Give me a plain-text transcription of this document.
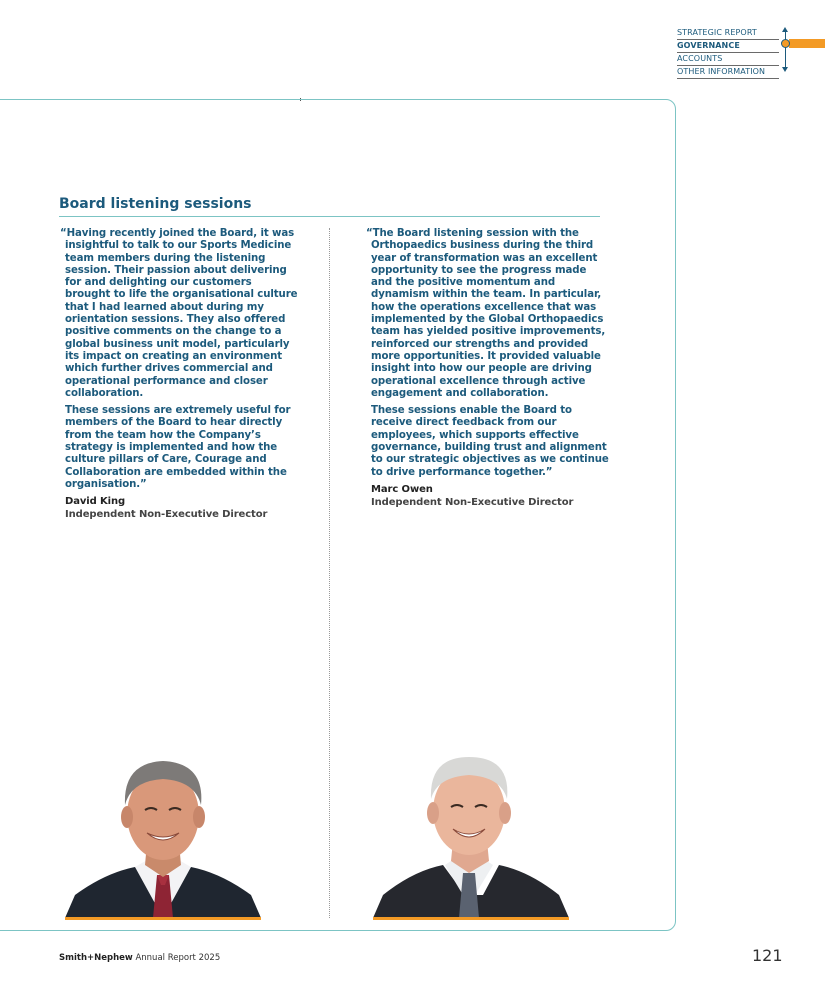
STRATEGIC REPORT
GOVERNANCE
ACCOUNTS
OTHER INFORMATION
Board listening sessions

“Having recently joined the Board, it was insightful to talk to our Sports Medicine team members during the listening session. Their passion about delivering for and delighting our customers brought to life the organisational culture that I had learned about during my orientation sessions. They also offered positive comments on the change to a global business unit model, particularly its impact on creating an environment which further drives commercial and operational performance and closer collaboration.

These sessions are extremely useful for members of the Board to hear directly from the team how the Company’s strategy is implemented and how the culture pillars of Care, Courage and Collaboration are embedded within the organisation.”

David King
Independent Non-Executive Director

“The Board listening session with the Orthopaedics business during the third year of transformation was an excellent opportunity to see the progress made and the positive momentum and dynamism within the team. In particular, how the operations excellence that was implemented by the Global Orthopaedics team has yielded positive improvements, reinforced our strengths and provided more opportunities. It provided valuable insight into how our people are driving operational excellence through active engagement and collaboration.

These sessions enable the Board to receive direct feedback from our employees, which supports effective governance, building trust and alignment to our strategic objectives as we continue to drive performance together.”

Marc Owen
Independent Non-Executive Director
Smith+Nephew Annual Report 2025	121
